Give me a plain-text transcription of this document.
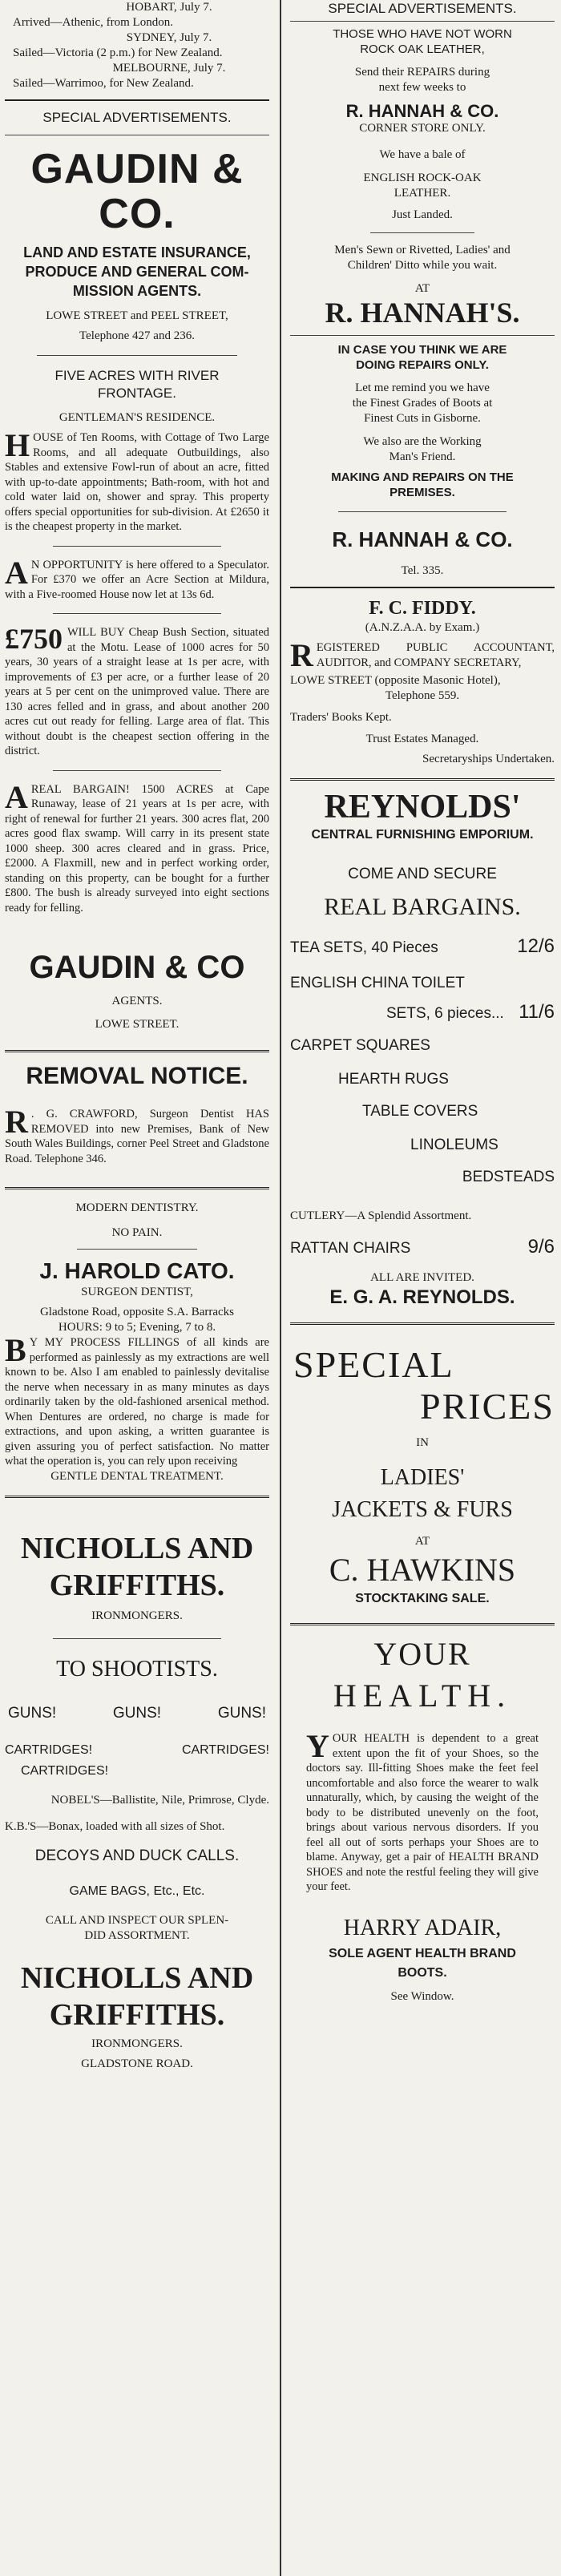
HOBART, July 7.
Arrived—Athenic, from London.
SYDNEY, July 7.
Sailed—Victoria (2 p.m.) for New Zealand.
MELBOURNE, July 7.
Sailed—Warrimoo, for New Zealand.
SPECIAL ADVERTISEMENTS.
GAUDIN & CO.
LAND AND ESTATE INSURANCE,
PRODUCE AND GENERAL COM-
MISSION AGENTS.
LOWE STREET and PEEL STREET,
Telephone 427 and 236.
FIVE ACRES WITH RIVER
FRONTAGE.
GENTLEMAN'S RESIDENCE.
H OUSE of Ten Rooms, with Cottage of Two Large Rooms, and all adequate Outbuildings, also Stables and extensive Fowl-run of about an acre, fitted with up-to-date appointments; Bath-room, with hot and cold water laid on, shower and spray. This property offers special opportunities for sub-division. At £2650 it is the cheapest property in the market.
A N OPPORTUNITY is here offered to a Speculator. For £370 we offer an Acre Section at Mildura, with a Five-roomed House now let at 13s 6d.
£750 WILL BUY Cheap Bush Section, situated at the Motu. Lease of 1000 acres for 50 years, 30 years of a straight lease at 1s per acre, with improvements of £3 per acre, or a further lease of 20 years at 5 per cent on the unimproved value. There are 130 acres felled and in grass, and about another 200 acres cut out ready for felling. Large area of flat. This without doubt is the cheapest section offering in the district.
A REAL BARGAIN! 1500 ACRES at Cape Runaway, lease of 21 years at 1s per acre, with right of renewal for further 21 years. 300 acres flat, 200 acres good flax swamp. Will carry in its present state 1000 sheep. 300 acres cleared and in grass. Price, £2000. A Flaxmill, new and in perfect working order, standing on this property, can be bought for a further £800. The bush is already surveyed into eight sections ready for felling.
GAUDIN & CO
AGENTS.
LOWE STREET.
REMOVAL NOTICE.
R . G. CRAWFORD, Surgeon Dentist HAS REMOVED into new Premises, Bank of New South Wales Buildings, corner Peel Street and Gladstone Road. Telephone 346.
MODERN DENTISTRY.
NO PAIN.
J. HAROLD CATO.
SURGEON DENTIST,
Gladstone Road, opposite S.A. Barracks
HOURS: 9 to 5; Evening, 7 to 8.
B Y MY PROCESS FILLINGS of all kinds are performed as painlessly as my extractions are well known to be. Also I am enabled to painlessly devitalise the nerve when necessary in as many minutes as days ordinarily taken by the old-fashioned arsenical method. When Dentures are ordered, no charge is made for extractions, and upon asking, a written guarantee is given assuring you of perfect satisfaction. No matter what the operation is, you can rely upon receiving
GENTLE DENTAL TREATMENT.
NICHOLLS AND
GRIFFITHS.
IRONMONGERS.
TO SHOOTISTS.
GUNS!	GUNS!	GUNS!
CARTRIDGES!	CARTRIDGES!
CARTRIDGES!
NOBEL'S—Ballistite, Nile, Primrose, Clyde.
K.B.'S—Bonax, loaded with all sizes of Shot.
DECOYS AND DUCK CALLS.
GAME BAGS, Etc., Etc.
CALL AND INSPECT OUR SPLEN-
DID ASSORTMENT.
NICHOLLS AND
GRIFFITHS.
IRONMONGERS.
GLADSTONE ROAD.
SPECIAL ADVERTISEMENTS.
THOSE WHO HAVE NOT WORN
ROCK OAK LEATHER,
Send their REPAIRS during
next few weeks to
R. HANNAH & CO.
CORNER STORE ONLY.
We have a bale of
ENGLISH ROCK-OAK
LEATHER.
Just Landed.
Men's Sewn or Rivetted, Ladies' and
Children' Ditto while you wait.
AT
R. HANNAH'S.
IN CASE YOU THINK WE ARE
DOING REPAIRS ONLY.
Let me remind you we have
the Finest Grades of Boots at
Finest Cuts in Gisborne.
We also are the Working
Man's Friend.
MAKING AND REPAIRS ON THE
PREMISES.
R. HANNAH & CO.
Tel. 335.
F. C. FIDDY.
(A.N.Z.A.A. by Exam.)
R EGISTERED PUBLIC ACCOUNTANT, AUDITOR, and COMPANY SECRETARY,
LOWE STREET (opposite Masonic Hotel),
Telephone 559.
Traders' Books Kept.
Trust Estates Managed.
Secretaryships Undertaken.
REYNOLDS'
CENTRAL FURNISHING EMPORIUM.
COME AND SECURE
REAL BARGAINS.
TEA SETS, 40 Pieces	12/6
ENGLISH CHINA TOILET
SETS, 6 pieces... 11/6
CARPET SQUARES
HEARTH RUGS
TABLE COVERS
LINOLEUMS
BEDSTEADS
CUTLERY—A Splendid Assortment.
RATTAN CHAIRS	9/6
ALL ARE INVITED.
E. G. A. REYNOLDS.
SPECIAL
PRICES
IN
LADIES'
JACKETS & FURS
AT
C. HAWKINS
STOCKTAKING SALE.
YOUR
HEALTH.
Y OUR HEALTH is dependent to a great extent upon the fit of your Shoes, so the doctors say. Ill-fitting Shoes make the feet feel uncomfortable and also force the wearer to walk unnaturally, which, by causing the weight of the body to be distributed unevenly on the foot, brings about various nervous disorders. If you feel all out of sorts perhaps your Shoes are to blame. Anyway, get a pair of HEALTH BRAND SHOES and note the restful feeling they will give your feet.
HARRY ADAIR,
SOLE AGENT HEALTH BRAND
BOOTS.
See Window.
